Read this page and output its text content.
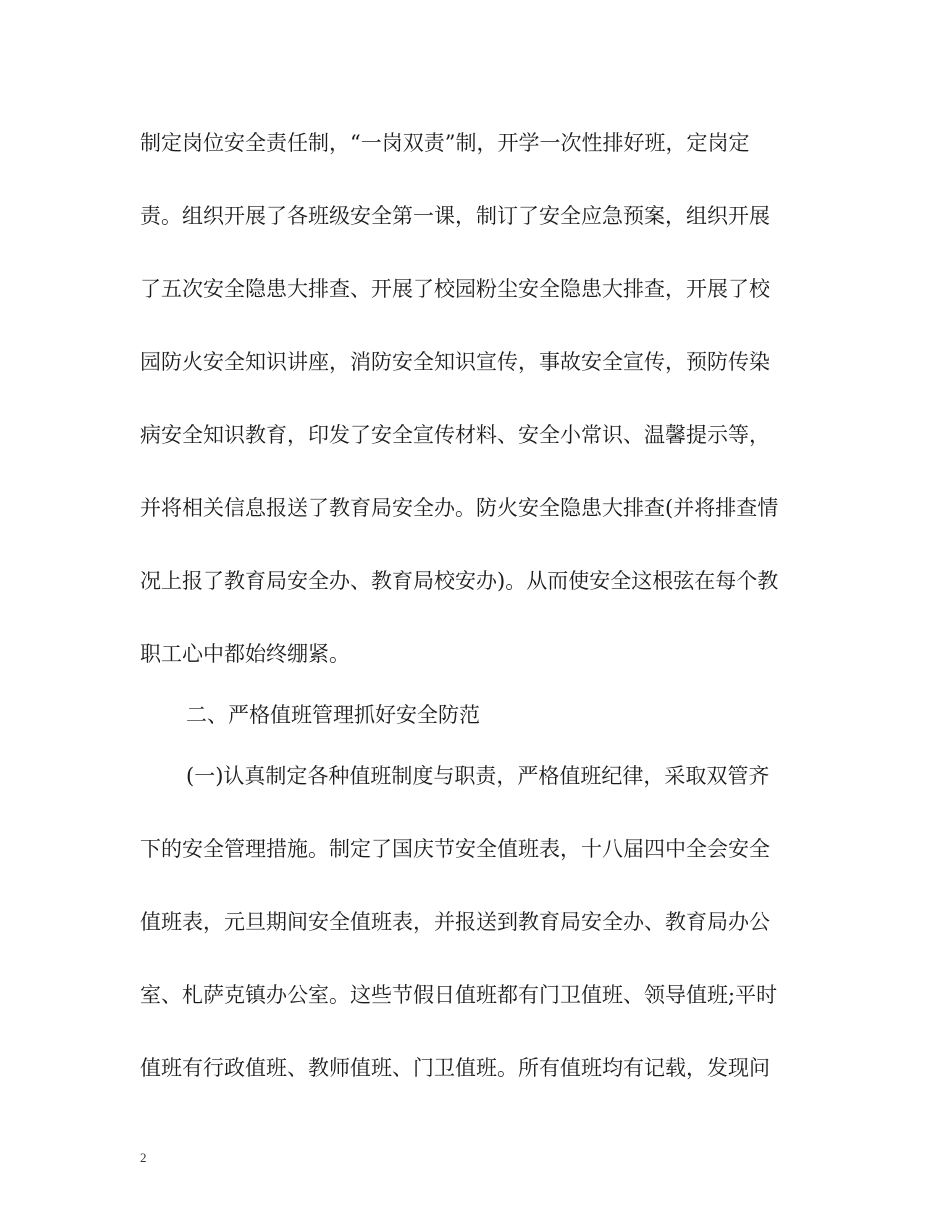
制定岗位安全责任制，“一岗双责”制，开学一次性排好班，定岗定
责。组织开展了各班级安全第一课，制订了安全应急预案，组织开展
了五次安全隐患大排查、开展了校园粉尘安全隐患大排查，开展了校
园防火安全知识讲座，消防安全知识宣传，事故安全宣传，预防传染
病安全知识教育，印发了安全宣传材料、安全小常识、温馨提示等，
并将相关信息报送了教育局安全办。防火安全隐患大排查(并将排查情
况上报了教育局安全办、教育局校安办)。从而使安全这根弦在每个教
职工心中都始终绷紧。
二、严格值班管理抓好安全防范
(一)认真制定各种值班制度与职责，严格值班纪律，采取双管齐
下的安全管理措施。制定了国庆节安全值班表，十八届四中全会安全
值班表，元旦期间安全值班表，并报送到教育局安全办、教育局办公
室、札萨克镇办公室。这些节假日值班都有门卫值班、领导值班;平时
值班有行政值班、教师值班、门卫值班。所有值班均有记载，发现问
2
